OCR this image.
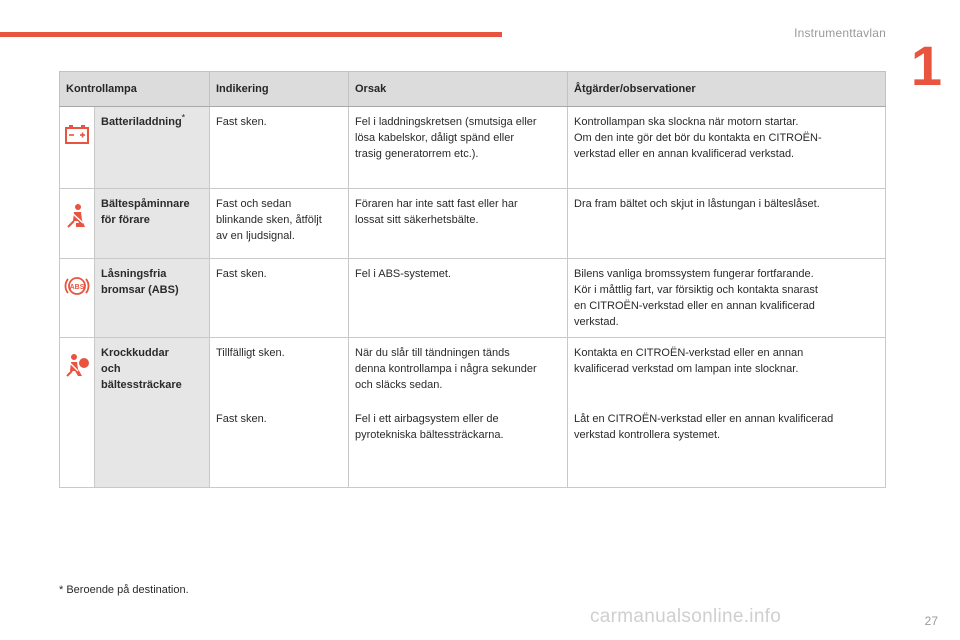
Instrumenttavlan
1
Kontrollampa		Indikering	Orsak	Åtgärder/observationer
	Batteriladdning*	Fast sken.	Fel i laddningskretsen (smutsiga eller
lösa kabelskor, dåligt spänd eller
trasig generatorrem etc.).	Kontrollampan ska slockna när motorn startar.
Om den inte gör det bör du kontakta en CITROËN-
verkstad eller en annan kvalificerad verkstad.

Bältespåminnare
för förare	Fast och sedan
blinkande sken, åtföljt
av en ljudsignal.	Föraren har inte satt fast eller har
lossat sitt säkerhetsbälte.	Dra fram bältet och skjut in låstungan i bälteslåset.

ABS	Låsningsfria
bromsar (ABS)	Fast sken.	Fel i ABS-systemet.	Bilens vanliga bromssystem fungerar fortfarande.
Kör i måttlig fart, var försiktig och kontakta snarast
en CITROËN-verkstad eller en annan kvalificerad
verkstad.

Krockkuddar
och
bältessträckare	Tillfälligt sken.	När du slår till tändningen tänds
denna kontrollampa i några sekunder
och släcks sedan.	Kontakta en CITROËN-verkstad eller en annan
kvalificerad verkstad om lampan inte slocknar.

		Fast sken.	Fel i ett airbagsystem eller de
pyrotekniska bältessträckarna.	Låt en CITROËN-verkstad eller en annan kvalificerad
verkstad kontrollera systemet.
* Beroende på destination.
carmanualsonline.info	27
